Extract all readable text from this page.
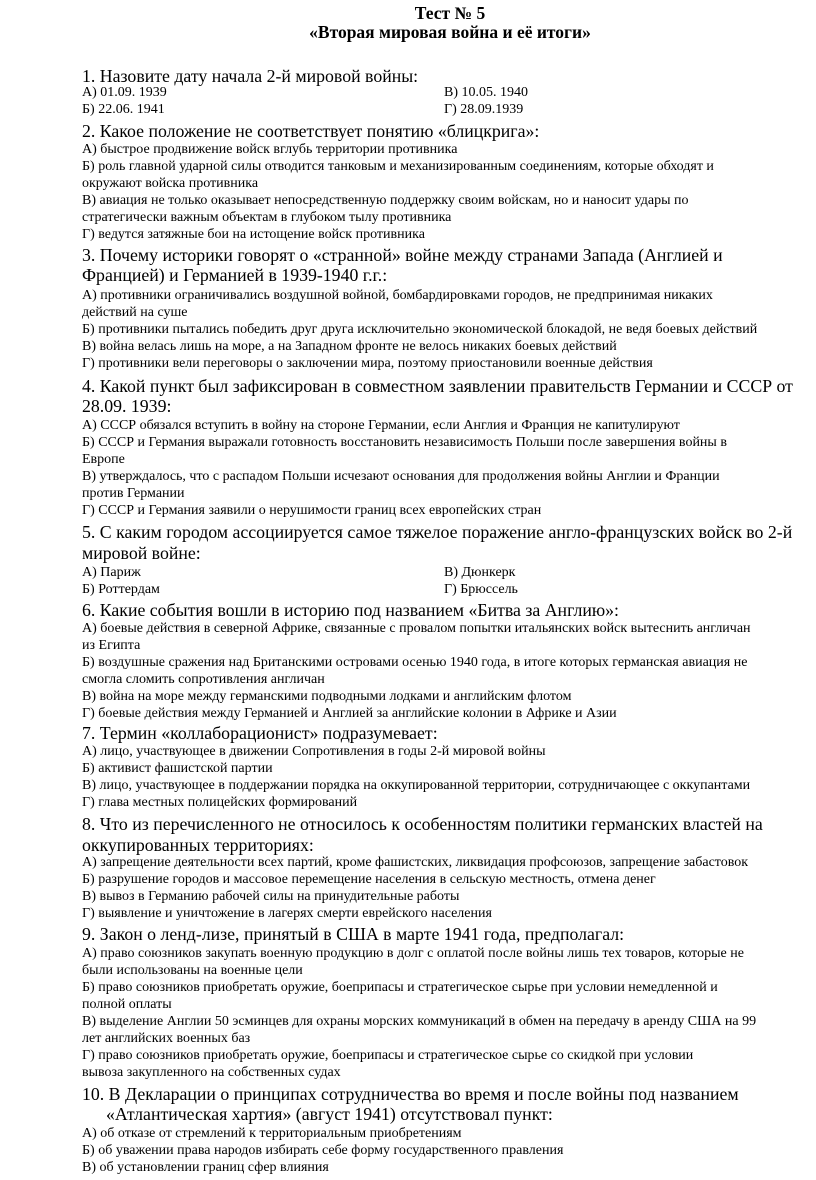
Тест № 5
«Вторая мировая война и её итоги»
1. Назовите дату начала 2-й мировой войны:
А) 01.09. 1939	В) 10.05. 1940
Б) 22.06. 1941	Г) 28.09.1939
2. Какое положение не соответствует понятию «блицкрига»:
А) быстрое продвижение войск вглубь территории противника
Б) роль главной ударной силы отводится танковым и механизированным соединениям, которые обходят и
окружают войска противника
В) авиация не только оказывает непосредственную поддержку своим войскам, но и наносит удары по
стратегически важным объектам в глубоком тылу противника
Г) ведутся затяжные бои на истощение войск противника
3. Почему историки говорят о «странной» войне между странами Запада (Англией и
Францией) и Германией в 1939-1940 г.г.:
А) противники ограничивались воздушной войной, бомбардировками городов, не предпринимая никаких
действий на суше
Б) противники пытались победить друг друга исключительно экономической блокадой, не ведя боевых действий
В) война велась лишь на море, а на Западном фронте не велось никаких боевых действий
Г) противники вели переговоры о заключении мира, поэтому приостановили военные действия
4. Какой пункт был зафиксирован в совместном заявлении правительств Германии и СССР от
28.09. 1939:
А) СССР обязался вступить в войну на стороне Германии, если Англия и Франция не капитулируют
Б) СССР и Германия выражали готовность восстановить независимость Польши после завершения войны в
Европе
В) утверждалось, что с распадом Польши исчезают основания для продолжения войны Англии и Франции
против Германии
Г) СССР и Германия заявили о нерушимости границ всех европейских стран
5. С каким городом ассоциируется самое тяжелое поражение англо-французских войск во 2-й
мировой войне:
А) Париж	В) Дюнкерк
Б) Роттердам	Г) Брюссель
6. Какие события вошли в историю под названием «Битва за Англию»:
А) боевые действия в северной Африке, связанные с провалом попытки итальянских войск вытеснить англичан
из Египта
Б) воздушные сражения над Британскими островами осенью 1940 года, в итоге которых германская авиация не
смогла сломить сопротивления англичан
В) война на море между германскими подводными лодками и английским флотом
Г) боевые действия между Германией и Англией за английские колонии в Африке и Азии
7. Термин «коллаборационист» подразумевает:
А) лицо, участвующее в движении Сопротивления в годы 2-й мировой войны
Б) активист фашистской партии
В) лицо, участвующее в поддержании порядка на оккупированной территории, сотрудничающее с оккупантами
Г) глава местных полицейских формирований
8. Что из перечисленного не относилось к особенностям политики германских властей на
оккупированных территориях:
А) запрещение деятельности всех партий, кроме фашистских, ликвидация профсоюзов, запрещение забастовок
Б) разрушение городов и массовое перемещение населения в сельскую местность, отмена денег
В) вывоз в Германию рабочей силы на принудительные работы
Г) выявление и уничтожение в лагерях смерти еврейского населения
9. Закон о ленд-лизе, принятый в США в марте 1941 года, предполагал:
А) право союзников закупать военную продукцию в долг с оплатой после войны лишь тех товаров, которые не
были использованы на военные цели
Б) право союзников приобретать оружие, боеприпасы и стратегическое сырье при условии немедленной и
полной оплаты
В) выделение Англии 50 эсминцев для охраны морских коммуникаций в обмен на передачу в аренду США на 99
лет английских военных баз
Г) право союзников приобретать оружие, боеприпасы и стратегическое сырье со скидкой при условии
вывоза закупленного на собственных судах
10. В Декларации о принципах сотрудничества во время и после войны под названием
«Атлантическая хартия» (август 1941) отсутствовал пункт:
А) об отказе от стремлений к территориальным приобретениям
Б) об уважении права народов избирать себе форму государственного правления
В) об установлении границ сфер влияния
